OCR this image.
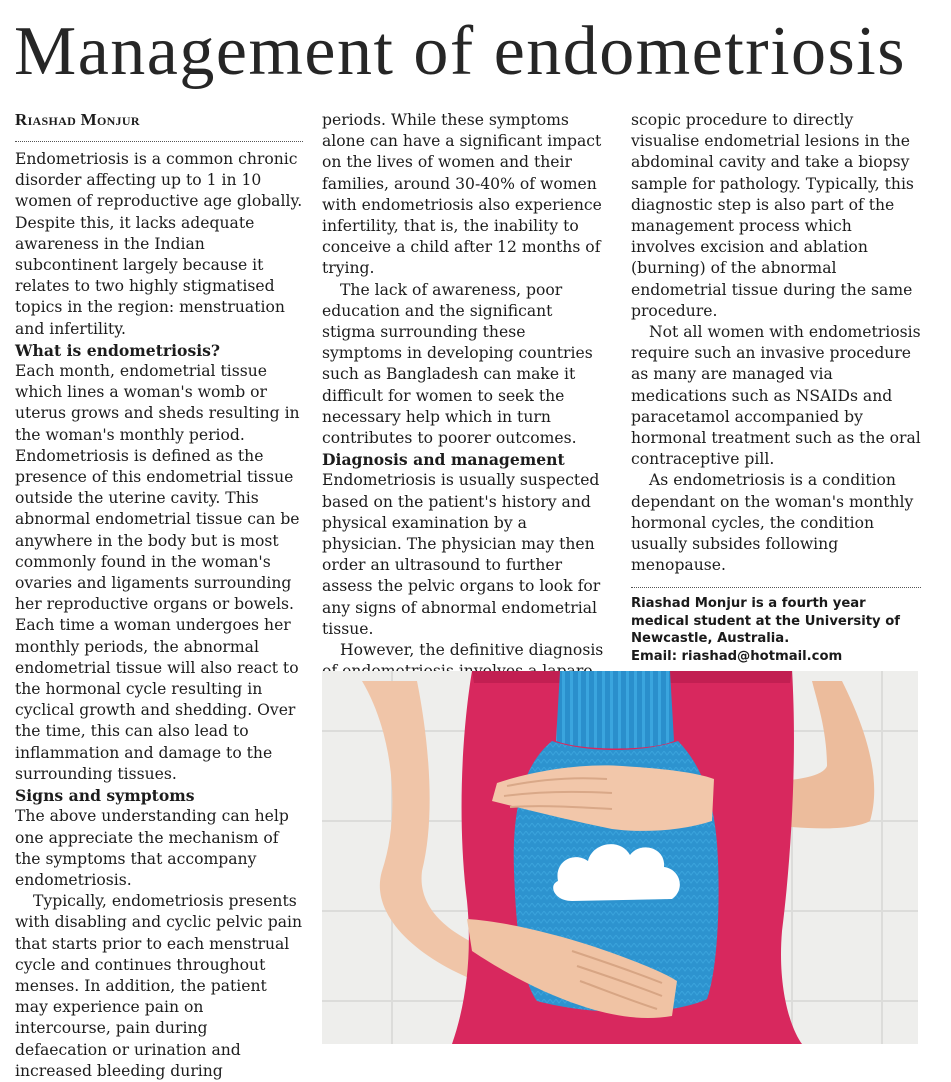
Management of endometriosis
Riashad Monjur

Endometriosis is a common chronic disorder affecting up to 1 in 10 women of reproductive age globally. Despite this, it lacks adequate awareness in the Indian subcontinent largely because it relates to two highly stigmatised topics in the region: menstruation and infertility.

What is endometriosis?

Each month, endometrial tissue which lines a woman's womb or uterus grows and sheds resulting in the woman's monthly period. Endometriosis is defined as the presence of this endometrial tissue outside the uterine cavity. This abnormal endometrial tissue can be anywhere in the body but is most commonly found in the woman's ovaries and ligaments surrounding her reproductive organs or bowels. Each time a woman undergoes her monthly periods, the abnormal endometrial tissue will also react to the hormonal cycle resulting in cyclical growth and shedding. Over the time, this can also lead to inflammation and damage to the surrounding tissues.

Signs and symptoms

The above understanding can help one appreciate the mechanism of the symptoms that accompany endometriosis.

Typically, endometriosis presents with disabling and cyclic pelvic pain that starts prior to each menstrual cycle and continues throughout menses. In addition, the patient may experience pain on intercourse, pain during defaecation or urination and increased bleeding during

periods. While these symptoms alone can have a significant impact on the lives of women and their families, around 30-40% of women with endometriosis also experience infertility, that is, the inability to conceive a child after 12 months of trying.

The lack of awareness, poor education and the significant stigma surrounding these symptoms in developing countries such as Bangladesh can make it difficult for women to seek the necessary help which in turn contributes to poorer outcomes.

Diagnosis and management

Endometriosis is usually suspected based on the patient's history and physical examination by a physician. The physician may then order an ultrasound to further assess the pelvic organs to look for any signs of abnormal endometrial tissue.

However, the definitive diagnosis

scopic procedure to directly visualise endometrial lesions in the abdominal cavity and take a biopsy sample for pathology. Typically, this diagnostic step is also part of the management process which involves excision and ablation (burning) of the abnormal endometrial tissue during the same procedure.

Not all women with endometriosis require such an invasive procedure as many are managed via medications such as NSAIDs and paracetamol accompanied by hormonal treatment such as the oral contraceptive pill.

As endometriosis is a condition dependant on the woman's monthly hormonal cycles, the condition usually subsides following menopause.

Riashad Monjur is a fourth year medical student at the University of Newcastle, Australia.

Email: riashad@hotmail.com
